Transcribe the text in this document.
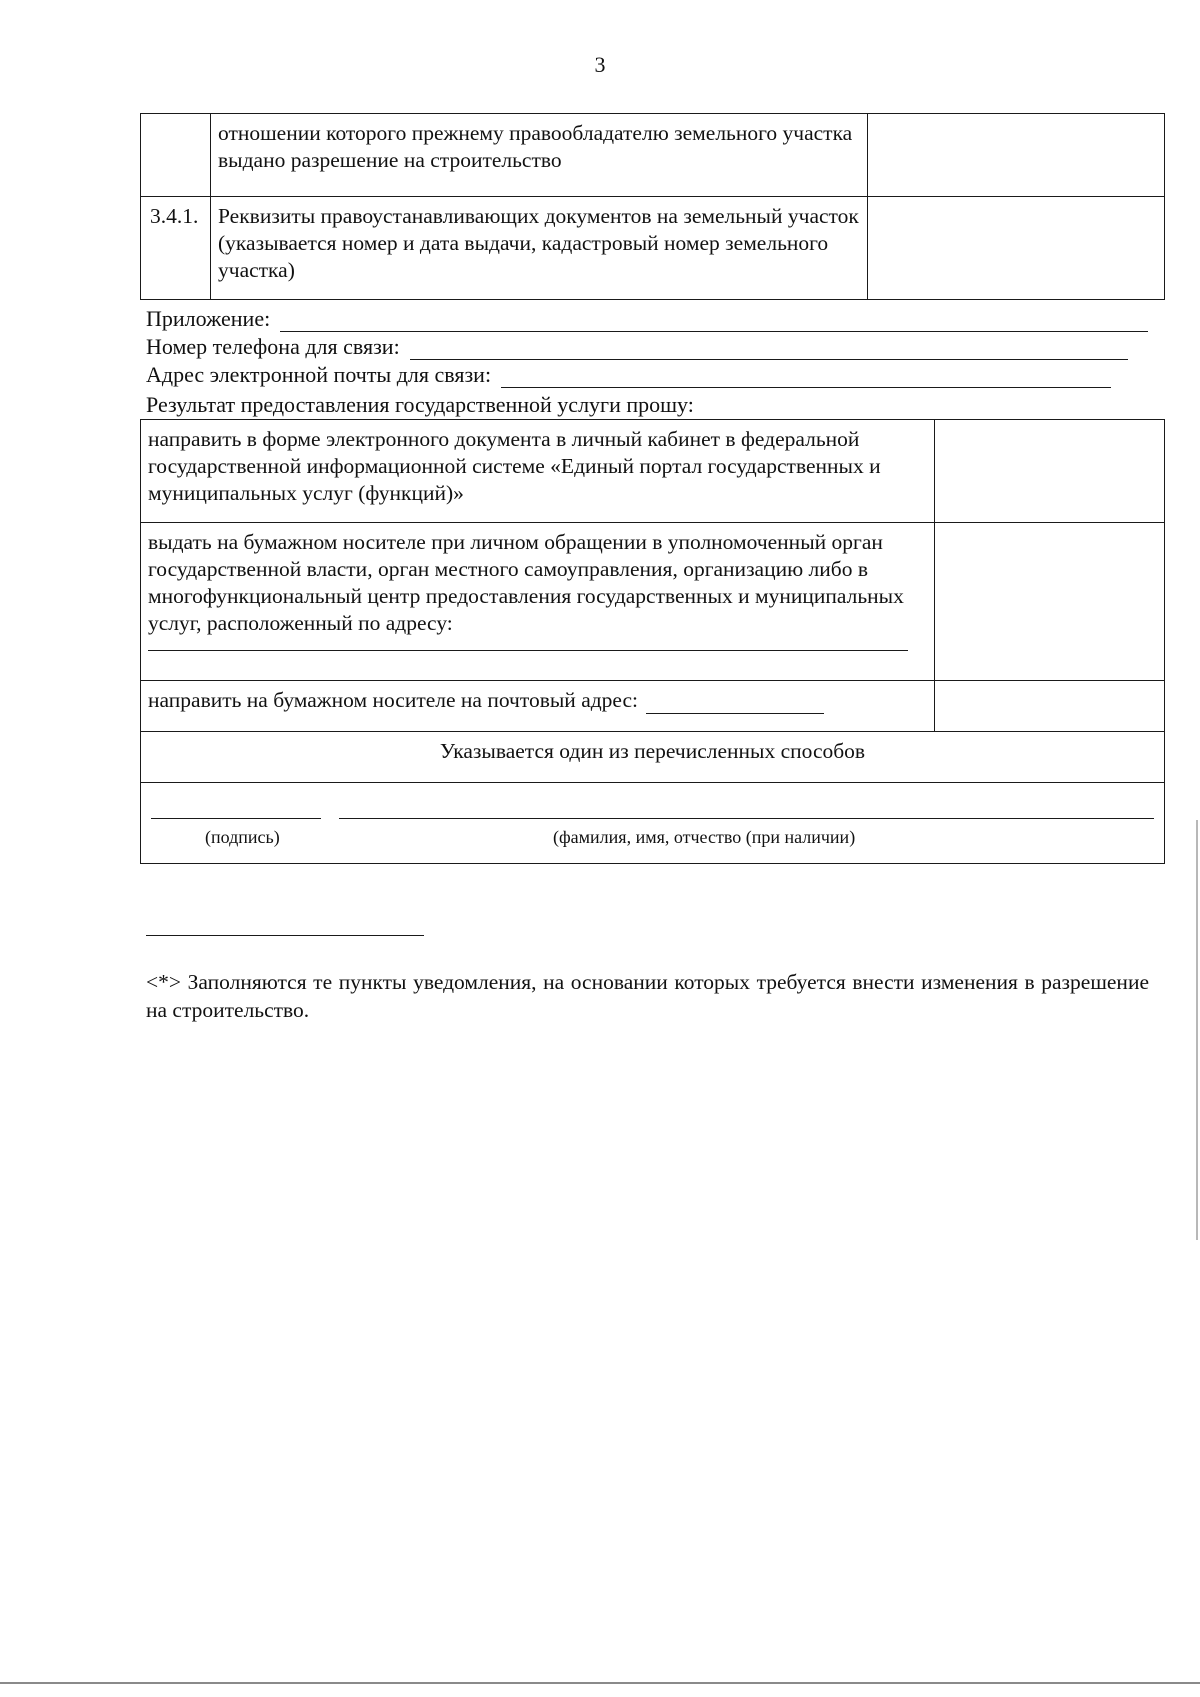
3
	отношении которого прежнему правообладателю земельного участка выдано разрешение на строительство	
3.4.1.	Реквизиты правоустанавливающих документов на земельный участок (указывается номер и дата выдачи, кадастровый номер земельного участка)	
Приложение:
Номер телефона для связи:
Адрес электронной почты для связи:
Результат предоставления государственной услуги прошу:
направить в форме электронного документа в личный кабинет в федеральной государственной информационной системе «Единый портал государственных и муниципальных услуг (функций)»	

выдать на бумажном носителе при личном обращении в уполномоченный орган государственной власти, орган местного самоуправления, организацию либо в многофункциональный центр предоставления государственных и муниципальных услуг, расположенный по адресу:	

направить на бумажном носителе на почтовый адрес:	
Указывается один из перечисленных способов	

(подпись) (фамилия, имя, отчество (при наличии)	
<*> Заполняются те пункты уведомления, на основании которых требуется внести изменения в разрешение на строительство.
